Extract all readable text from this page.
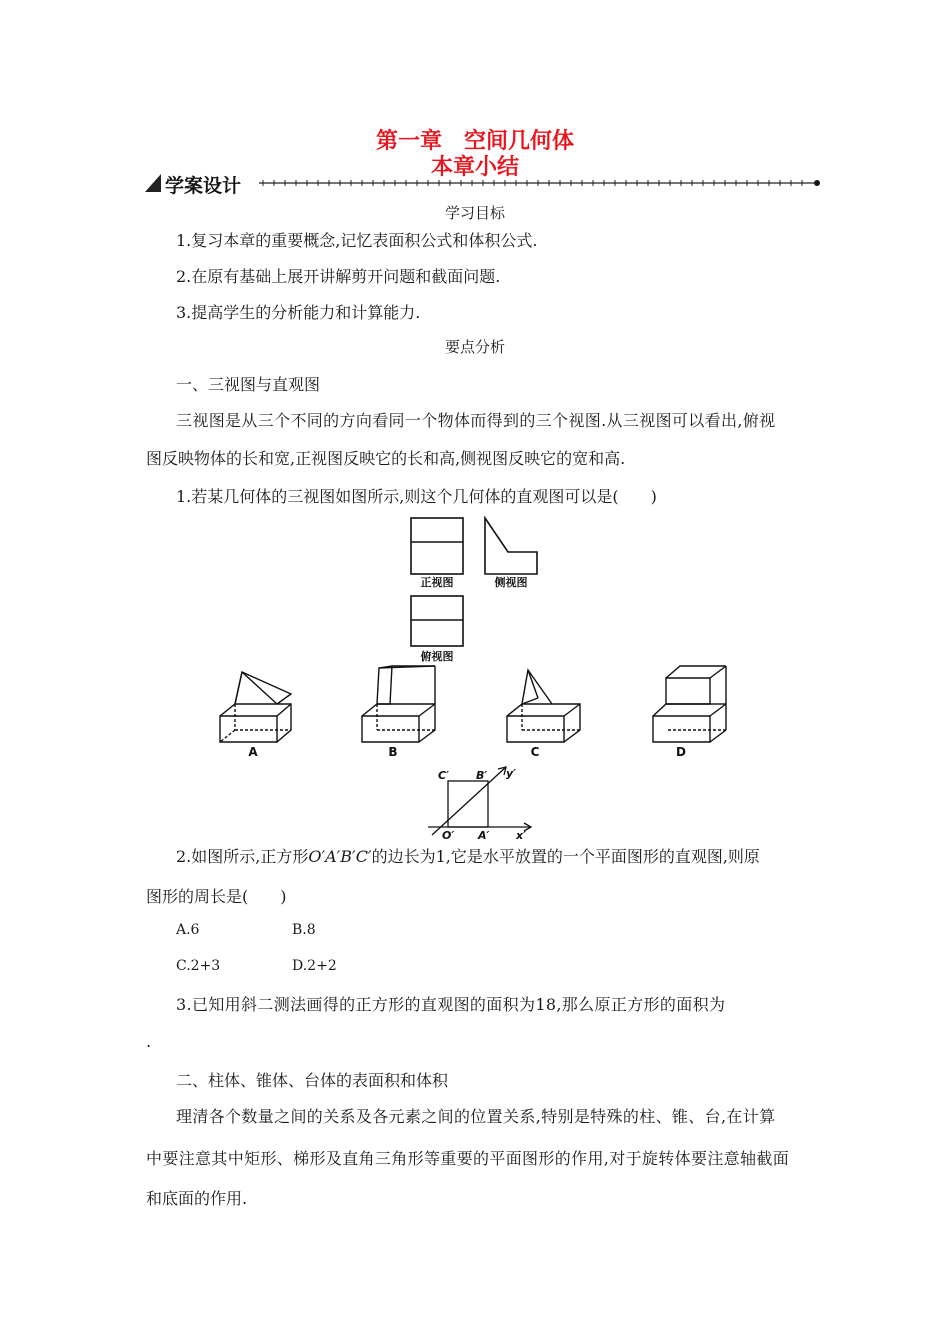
第一章　空间几何体
本章小结
学案设计
学习目标
1.复习本章的重要概念,记忆表面积公式和体积公式.
2.在原有基础上展开讲解剪开问题和截面问题.
3.提高学生的分析能力和计算能力.
要点分析
一、三视图与直观图
三视图是从三个不同的方向看同一个物体而得到的三个视图.从三视图可以看出,俯视
图反映物体的长和宽,正视图反映它的长和高,侧视图反映它的宽和高.
1.若某几何体的三视图如图所示,则这个几何体的直观图可以是(　　)
正视图	侧视图
俯视图
A	B	C	D
C′ B′ y′
O′ A′ x′
2.如图所示,正方形O′A′B′C′的边长为1,它是水平放置的一个平面图形的直观图,则原
图形的周长是(　　)
A.6	B.8
C.2+3	D.2+2
3.已知用斜二测法画得的正方形的直观图的面积为18,那么原正方形的面积为
.
二、柱体、锥体、台体的表面积和体积
理清各个数量之间的关系及各元素之间的位置关系,特别是特殊的柱、锥、台,在计算
中要注意其中矩形、梯形及直角三角形等重要的平面图形的作用,对于旋转体要注意轴截面
和底面的作用.
